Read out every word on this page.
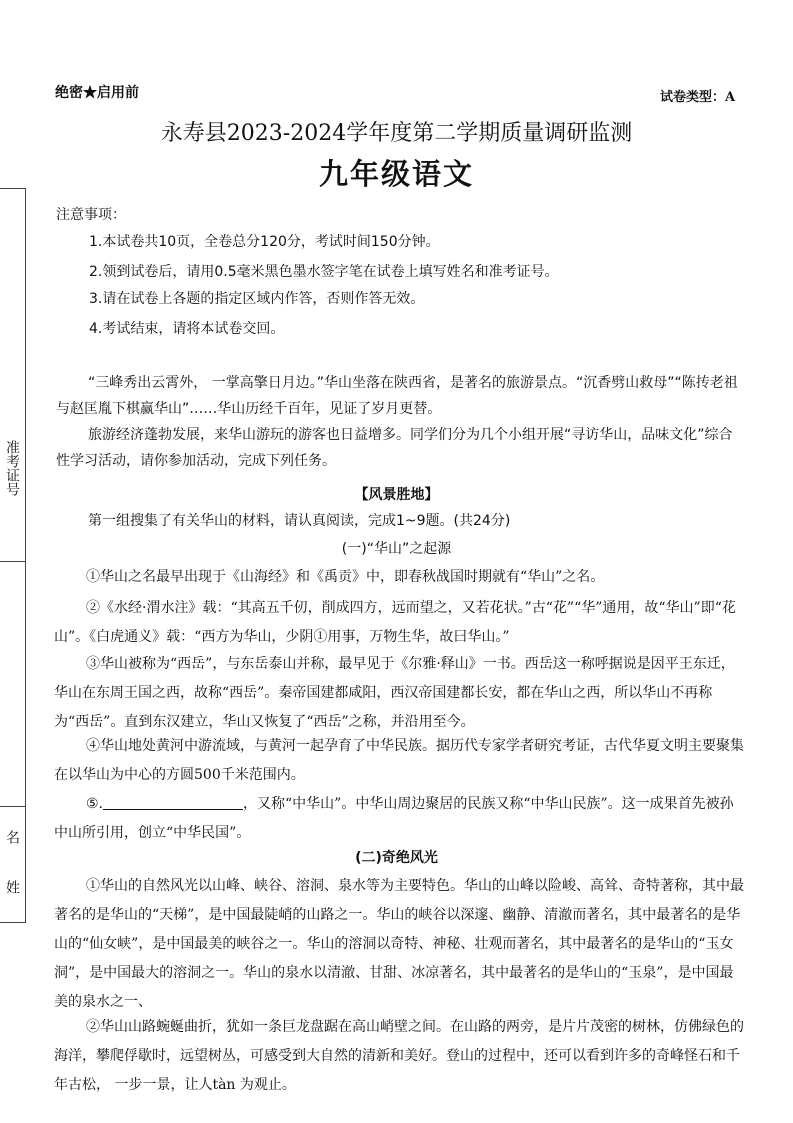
绝密★启用前	试卷类型：A
永寿县2023-2024学年度第二学期质量调研监测
九年级语文
准考证号
名
姓
注意事项：
1.本试卷共10页，全卷总分120分，考试时间150分钟。
2.领到试卷后，请用0.5毫米黑色墨水签字笔在试卷上填写姓名和准考证号。
3.请在试卷上各题的指定区域内作答，否则作答无效。
4.考试结束，请将本试卷交回。
“三峰秀出云霄外， 一掌高擎日月边。”华山坐落在陕西省，是著名的旅游景点。“沉香劈山救母”“陈抟老祖与赵匡胤下棋赢华山”……华山历经千百年，见证了岁月更替。
旅游经济蓬勃发展，来华山游玩的游客也日益增多。同学们分为几个小组开展“寻访华山，品味文化”综合性学习活动，请你参加活动，完成下列任务。
【风景胜地】
第一组搜集了有关华山的材料，请认真阅读，完成1~9题。(共24分)
(一)“华山”之起源
①华山之名最早出现于《山海经》和《禹贡》中，即春秋战国时期就有“华山”之名。
②《水经·渭水注》载：“其高五千仞，削成四方，远而望之，又若花状。”古“花”“华”通用，故“华山”即“花山”。《白虎通义》载：“西方为华山，少阴①用事，万物生华，故曰华山。”
③华山被称为“西岳”，与东岳泰山并称，最早见于《尔雅·释山》一书。西岳这一称呼据说是因平王东迁，华山在东周王国之西，故称“西岳”。秦帝国建都咸阳，西汉帝国建都长安，都在华山之西，所以华山不再称为“西岳”。直到东汉建立，华山又恢复了“西岳”之称，并沿用至今。
④华山地处黄河中游流域，与黄河一起孕育了中华民族。据历代专家学者研究考证，古代华夏文明主要聚集在以华山为中心的方圆500千米范围内。
⑤.	，又称“中华山”。中华山周边聚居的民族又称“中华山民族”。这一成果首先被孙中山所引用，创立“中华民国”。
(二)奇绝风光
①华山的自然风光以山峰、峡谷、溶洞、泉水等为主要特色。华山的山峰以险峻、高耸、奇特著称，其中最著名的是华山的“天梯”，是中国最陡峭的山路之一。华山的峡谷以深邃、幽静、清澈而著名，其中最著名的是华山的“仙女峡”，是中国最美的峡谷之一。华山的溶洞以奇特、神秘、壮观而著名，其中最著名的是华山的“玉女洞”，是中国最大的溶洞之一。华山的泉水以清澈、甘甜、冰凉著名，其中最著名的是华山的“玉泉”，是中国最美的泉水之一、
②华山山路蜿蜒曲折，犹如一条巨龙盘踞在高山峭壁之间。在山路的两旁，是片片茂密的树林，仿佛绿色的海洋，攀爬俘歇时，远望树丛，可感受到大自然的清新和美好。登山的过程中，还可以看到许多的奇峰怪石和千年古松， 一步一景，让人tàn 为观止。
